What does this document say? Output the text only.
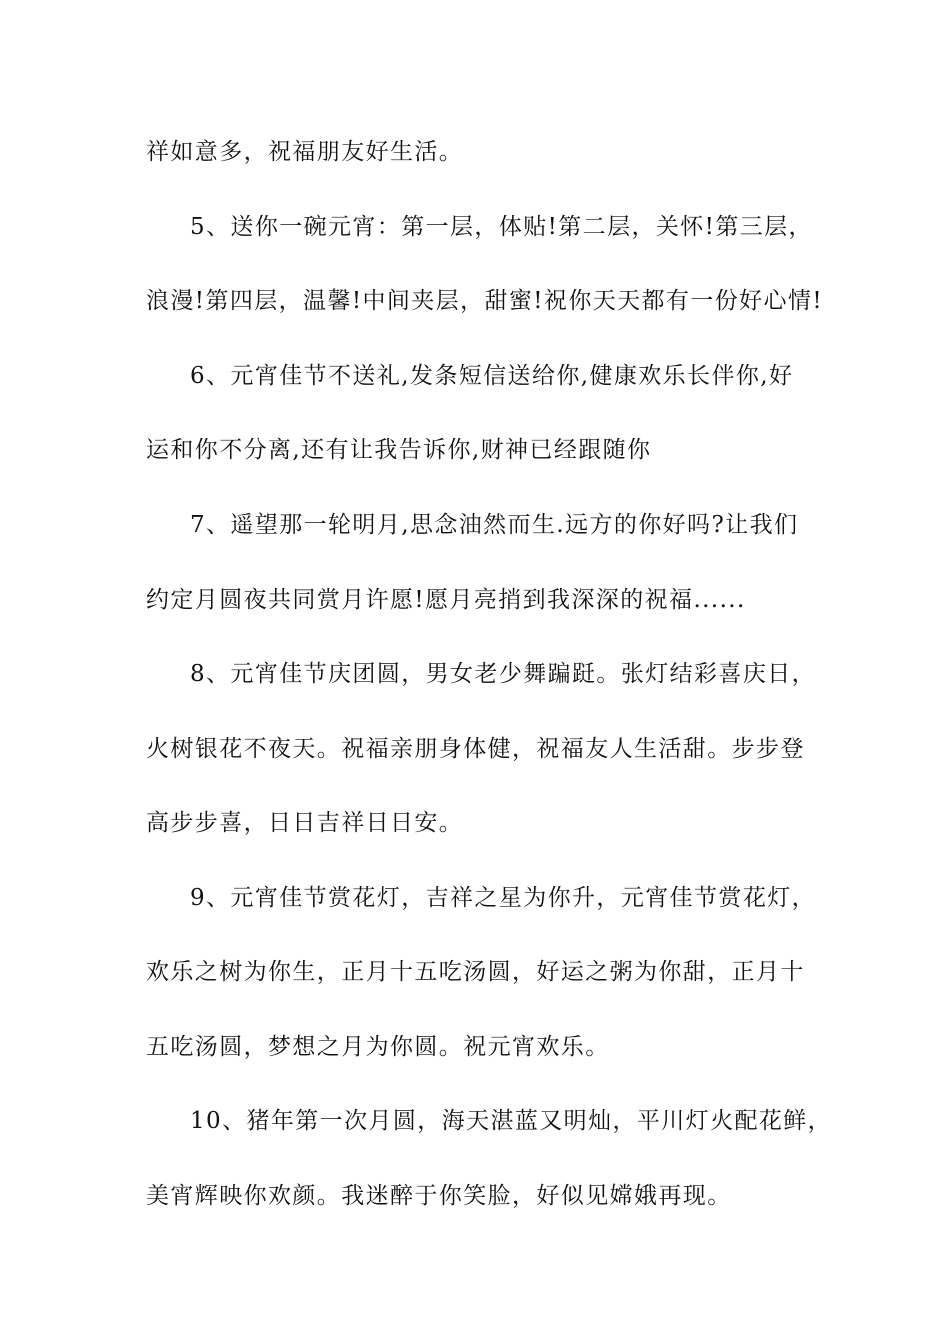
祥如意多，祝福朋友好生活。
5、送你一碗元宵：第一层，体贴!第二层，关怀!第三层，
浪漫!第四层，温馨!中间夹层，甜蜜!祝你天天都有一份好心情!
6、元宵佳节不送礼,发条短信送给你,健康欢乐长伴你,好
运和你不分离,还有让我告诉你,财神已经跟随你
7、遥望那一轮明月,思念油然而生.远方的你好吗?让我们
约定月圆夜共同赏月许愿!愿月亮捎到我深深的祝福......
8、元宵佳节庆团圆，男女老少舞蹁跹。张灯结彩喜庆日，
火树银花不夜天。祝福亲朋身体健，祝福友人生活甜。步步登
高步步喜，日日吉祥日日安。
9、元宵佳节赏花灯，吉祥之星为你升，元宵佳节赏花灯，
欢乐之树为你生，正月十五吃汤圆，好运之粥为你甜，正月十
五吃汤圆，梦想之月为你圆。祝元宵欢乐。
10、猪年第一次月圆，海天湛蓝又明灿，平川灯火配花鲜，
美宵辉映你欢颜。我迷醉于你笑脸，好似见嫦娥再现。
